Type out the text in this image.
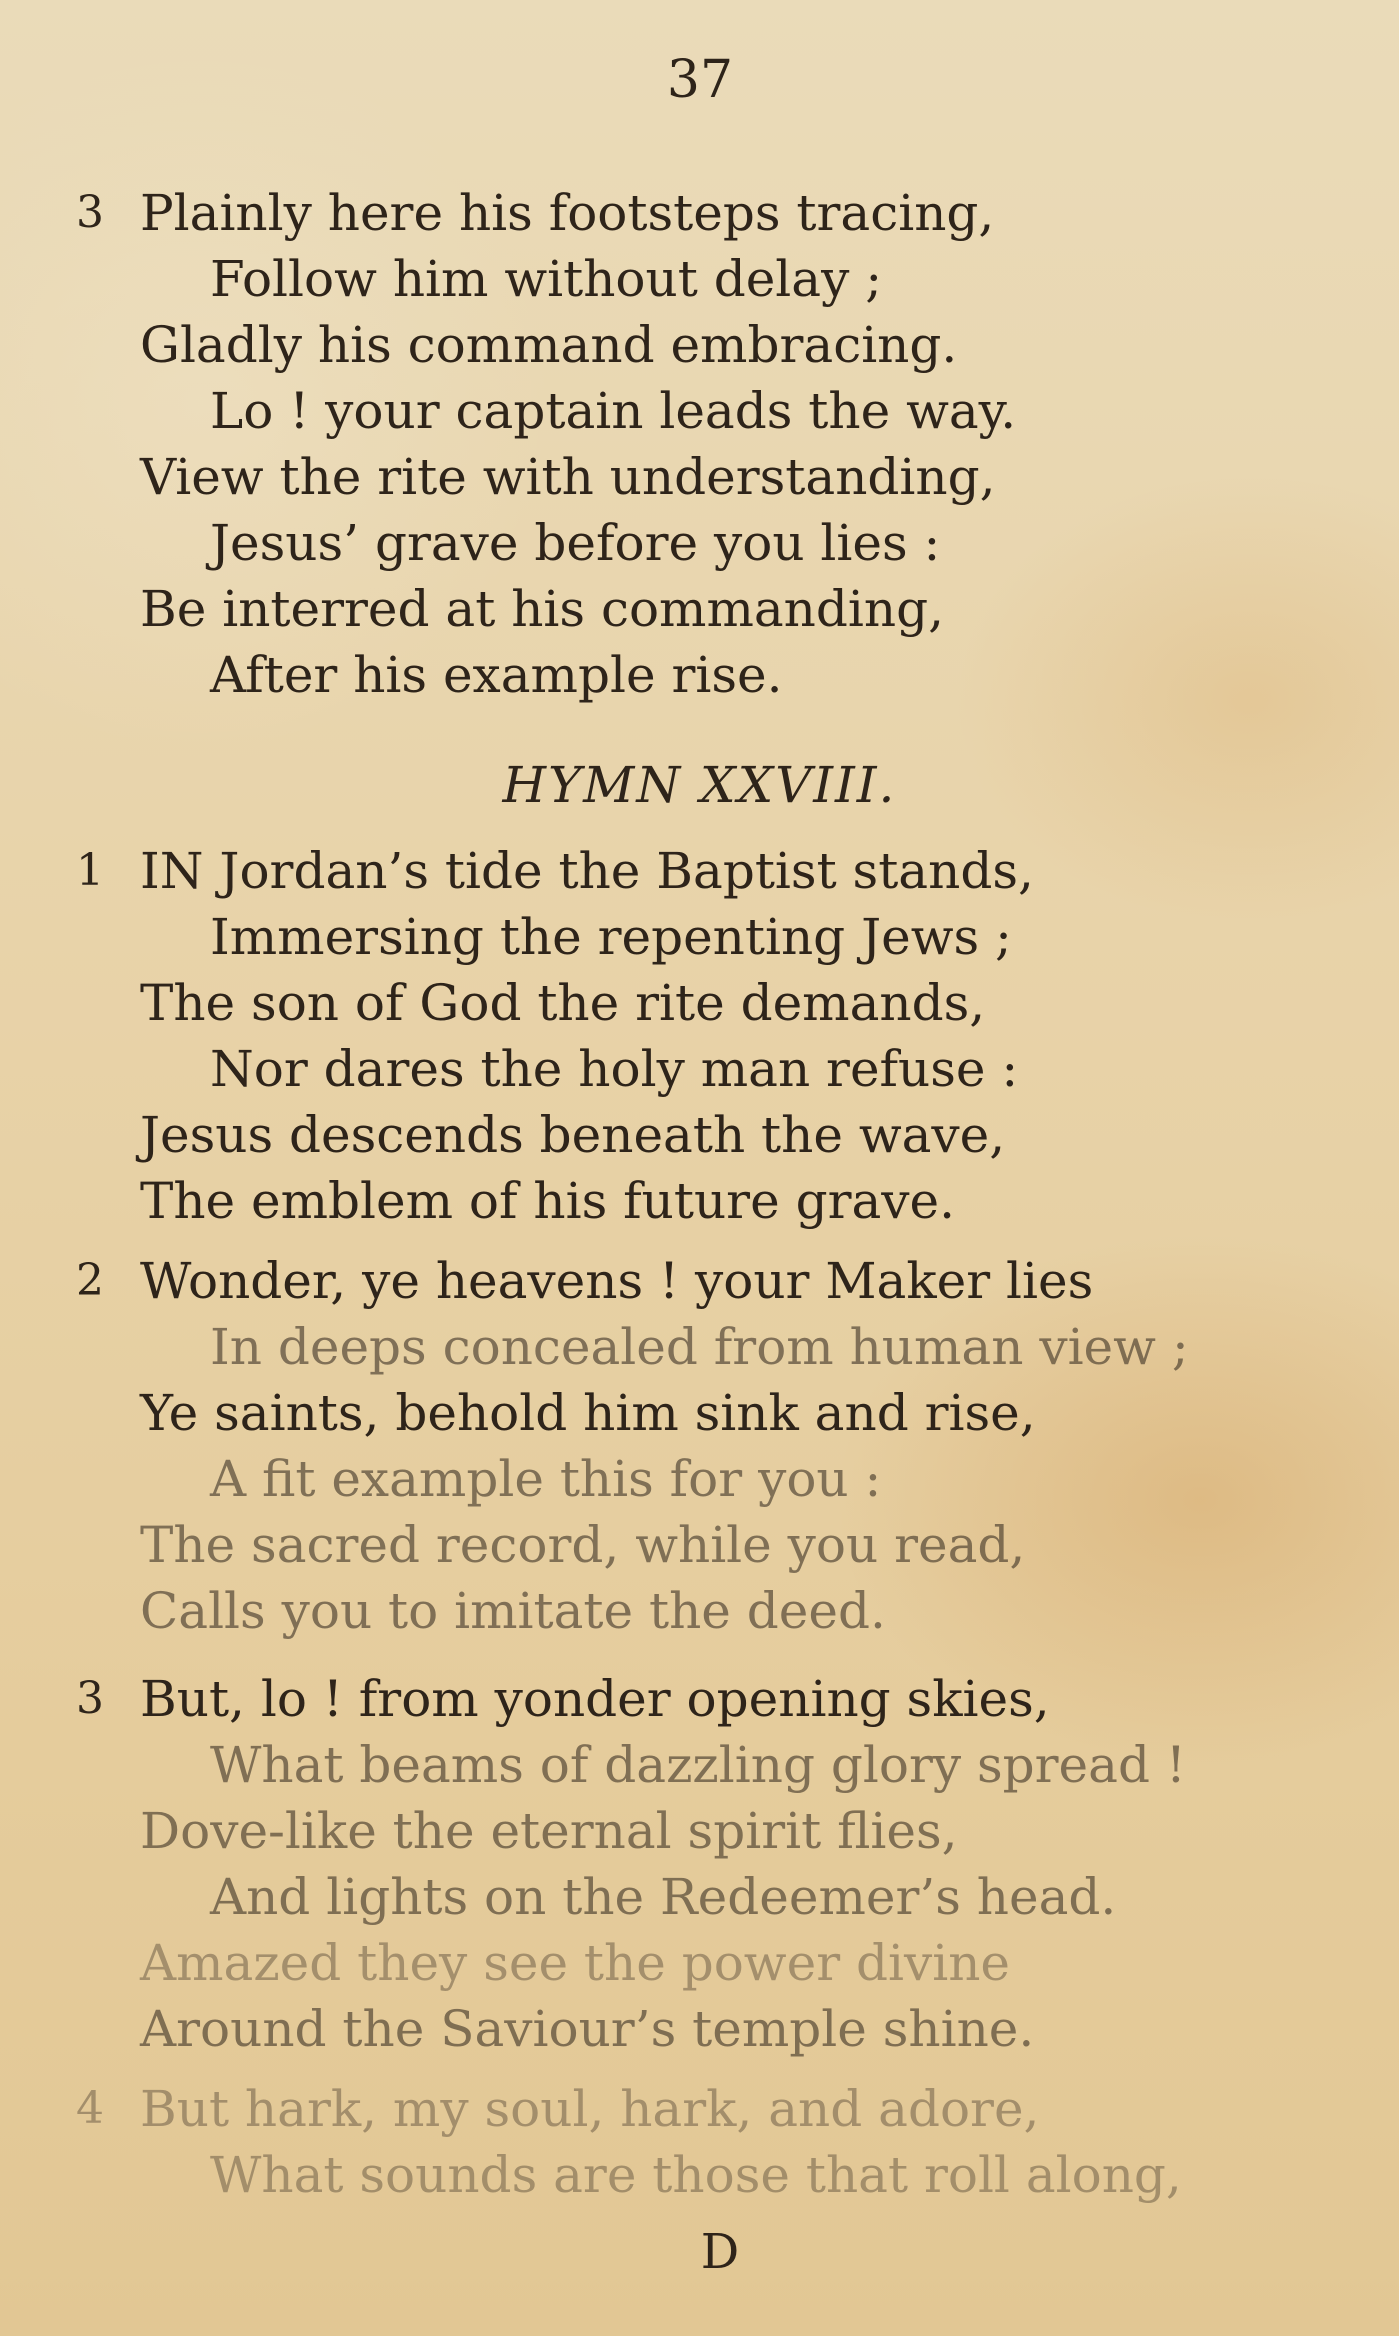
37
3 Plainly here his footsteps tracing,
Follow him without delay ;
Gladly his command embracing.
Lo ! your captain leads the way.
View the rite with understanding,
Jesus’ grave before you lies :
Be interred at his commanding,
After his example rise.
HYMN XXVIII.
1 IN Jordan’s tide the Baptist stands,
Immersing the repenting Jews ;
The son of God the rite demands,
Nor dares the holy man refuse :
Jesus descends beneath the wave,
The emblem of his future grave.
2 Wonder, ye heavens ! your Maker lies
In deeps concealed from human view ;
Ye saints, behold him sink and rise,
A fit example this for you :
The sacred record, while you read,
Calls you to imitate the deed.
3 But, lo ! from yonder opening skies,
What beams of dazzling glory spread !
Dove-like the eternal spirit flies,
And lights on the Redeemer’s head.
Amazed they see the power divine
Around the Saviour’s temple shine.
4 But hark, my soul, hark, and adore,
What sounds are those that roll along,
D
